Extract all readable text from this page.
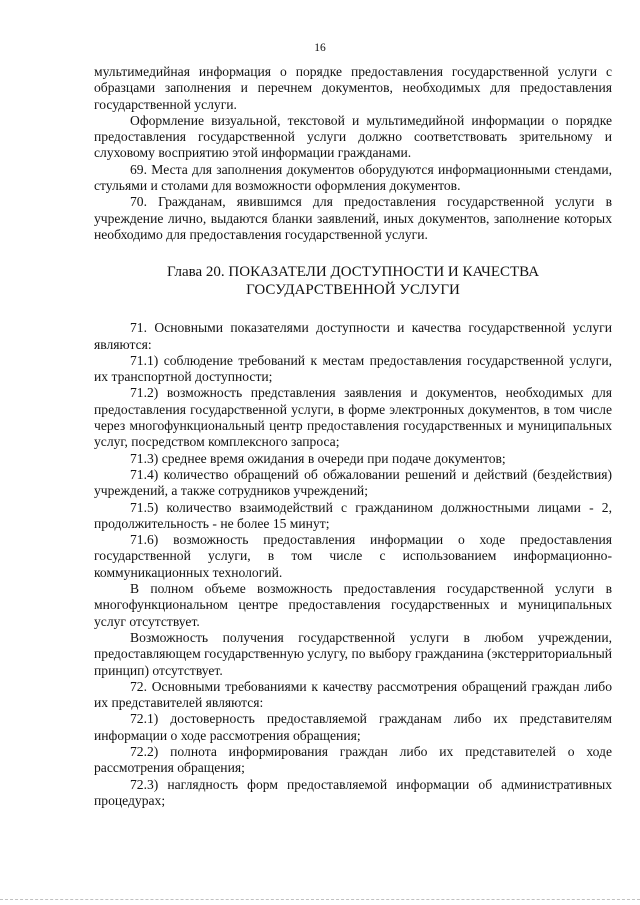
16

мультимедийная информация о порядке предоставления государственной услуги с образцами заполнения и перечнем документов, необходимых для предоставления государственной услуги.

Оформление визуальной, текстовой и мультимедийной информации о порядке предоставления государственной услуги должно соответствовать зрительному и слуховому восприятию этой информации гражданами.

69. Места для заполнения документов оборудуются информационными стендами, стульями и столами для возможности оформления документов.

70. Гражданам, явившимся для предоставления государственной услуги в учреждение лично, выдаются бланки заявлений, иных документов, заполнение которых необходимо для предоставления государственной услуги.

Глава 20. ПОКАЗАТЕЛИ ДОСТУПНОСТИ И КАЧЕСТВА
ГОСУДАРСТВЕННОЙ УСЛУГИ

71. Основными показателями доступности и качества государственной услуги являются:

71.1) соблюдение требований к местам предоставления государственной услуги, их транспортной доступности;

71.2) возможность представления заявления и документов, необходимых для предоставления государственной услуги, в форме электронных документов, в том числе через многофункциональный центр предоставления государственных и муниципальных услуг, посредством комплексного запроса;

71.3) среднее время ожидания в очереди при подаче документов;

71.4) количество обращений об обжаловании решений и действий (бездействия) учреждений, а также сотрудников учреждений;

71.5) количество взаимодействий с гражданином должностными лицами - 2, продолжительность - не более 15 минут;

71.6) возможность предоставления информации о ходе предоставления государственной услуги, в том числе с использованием информационно-коммуникационных технологий.

В полном объеме возможность предоставления государственной услуги в многофункциональном центре предоставления государственных и муниципальных услуг отсутствует.

Возможность получения государственной услуги в любом учреждении, предоставляющем государственную услугу, по выбору гражданина (экстерриториальный принцип) отсутствует.

72. Основными требованиями к качеству рассмотрения обращений граждан либо их представителей являются:

72.1) достоверность предоставляемой гражданам либо их представителям информации о ходе рассмотрения обращения;

72.2) полнота информирования граждан либо их представителей о ходе рассмотрения обращения;

72.3) наглядность форм предоставляемой информации об административных процедурах;
